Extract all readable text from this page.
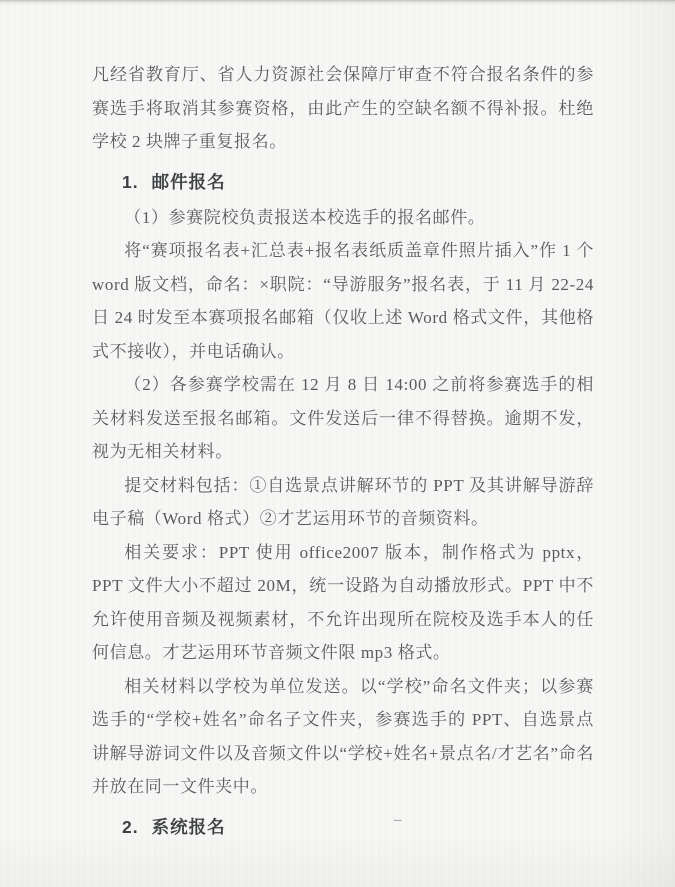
凡经省教育厅、省人力资源社会保障厅审查不符合报名条件的参赛选手将取消其参赛资格，由此产生的空缺名额不得补报。杜绝学校 2 块牌子重复报名。

1. 邮件报名

（1）参赛院校负责报送本校选手的报名邮件。

将“赛项报名表+汇总表+报名表纸质盖章件照片插入”作 1 个 word 版文档，命名：×职院：“导游服务”报名表，于 11 月 22-24 日 24 时发至本赛项报名邮箱（仅收上述 Word 格式文件，其他格式不接收），并电话确认。

（2）各参赛学校需在 12 月 8 日 14:00 之前将参赛选手的相关材料发送至报名邮箱。文件发送后一律不得替换。逾期不发，视为无相关材料。

提交材料包括：①自选景点讲解环节的 PPT 及其讲解导游辞电子稿（Word 格式）②才艺运用环节的音频资料。

相关要求：PPT 使用 office2007 版本，制作格式为 pptx，PPT 文件大小不超过 20M，统一设路为自动播放形式。PPT 中不允许使用音频及视频素材，不允许出现所在院校及选手本人的任何信息。才艺运用环节音频文件限 mp3 格式。

相关材料以学校为单位发送。以“学校”命名文件夹；以参赛选手的“学校+姓名”命名子文件夹，参赛选手的 PPT、自选景点讲解导游词文件以及音频文件以“学校+姓名+景点名/才艺名”命名并放在同一文件夹中。

2. 系统报名	–
